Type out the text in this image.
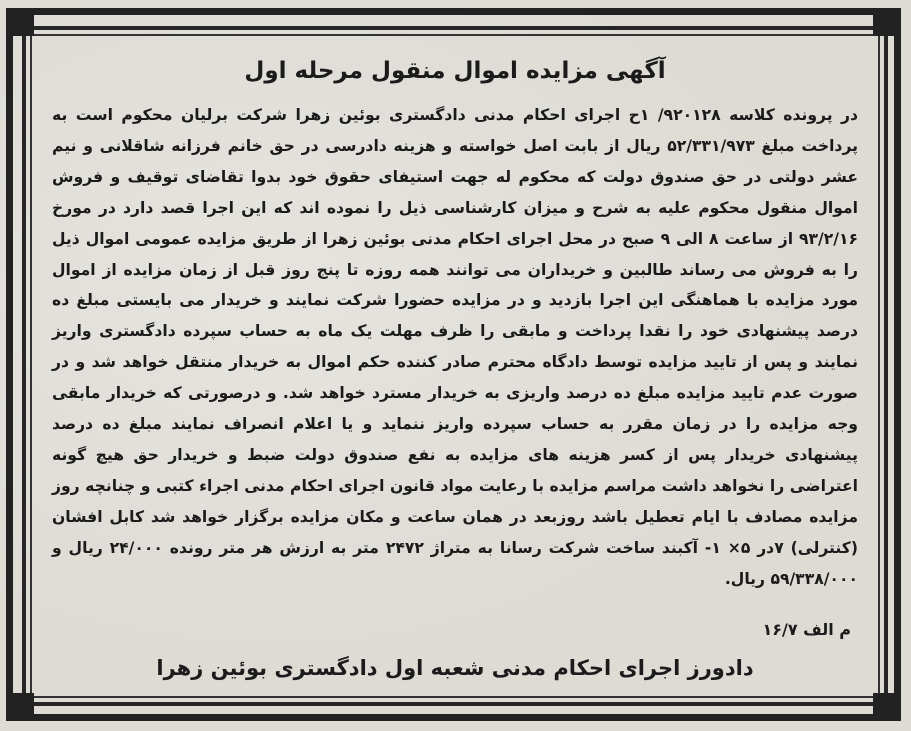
آگهی مزایده اموال منقول مرحله اول

در پرونده کلاسه ۹۲۰۱۲۸/ ۱ح اجرای احکام مدنی دادگستری بوئین زهرا شرکت برلیان محکوم است به پرداخت مبلغ ۵۲/۳۳۱/۹۷۳ ریال از بابت اصل خواسته و هزینه دادرسی در حق خانم فرزانه شاقلانی و نیم عشر دولتی در حق صندوق دولت که محکوم له جهت استیفای حقوق خود بدوا تقاضای توقیف و فروش اموال منقول محکوم علیه به شرح و میزان کارشناسی ذیل را نموده اند که این اجرا قصد دارد در مورخ ۹۳/۲/۱۶ از ساعت ۸ الی ۹ صبح در محل اجرای احکام مدنی بوئین زهرا از طریق مزایده عمومی اموال ذیل را به فروش می رساند طالبین و خریداران می توانند همه روزه تا پنج روز قبل از زمان مزایده از اموال مورد مزایده با هماهنگی این اجرا بازدید و در مزایده حضورا شرکت نمایند و خریدار می بایستی مبلغ ده درصد پیشنهادی خود را نقدا پرداخت و مابقی را ظرف مهلت یک ماه به حساب سپرده دادگستری واریز نمایند و پس از تایید مزایده توسط دادگاه محترم صادر کننده حکم اموال به خریدار منتقل خواهد شد و در صورت عدم تایید مزایده مبلغ ده درصد واریزی به خریدار مسترد خواهد شد. و درصورتی که خریدار مابقی وجه مزایده را در زمان مقرر به حساب سپرده واریز ننماید و یا اعلام انصراف نمایند مبلغ ده درصد پیشنهادی خریدار پس از کسر هزینه های مزایده به نفع صندوق دولت ضبط و خریدار حق هیچ گونه اعتراضی را نخواهد داشت مراسم مزایده با رعایت مواد قانون اجرای احکام مدنی اجراء کتبی و چنانچه روز مزایده مصادف با ایام تعطیل باشد روزبعد در همان ساعت و مکان مزایده برگزار خواهد شد کابل افشان (کنترلی) ۷در ۵× ۱- آکبند ساخت شرکت رسانا به متراژ ۲۴۷۲ متر به ارزش هر متر رونده ۲۴/۰۰۰ ریال و ۵۹/۳۳۸/۰۰۰ ریال.

م الف ۱۶/۷
دادورز اجرای احکام مدنی شعبه اول دادگستری بوئین زهرا
